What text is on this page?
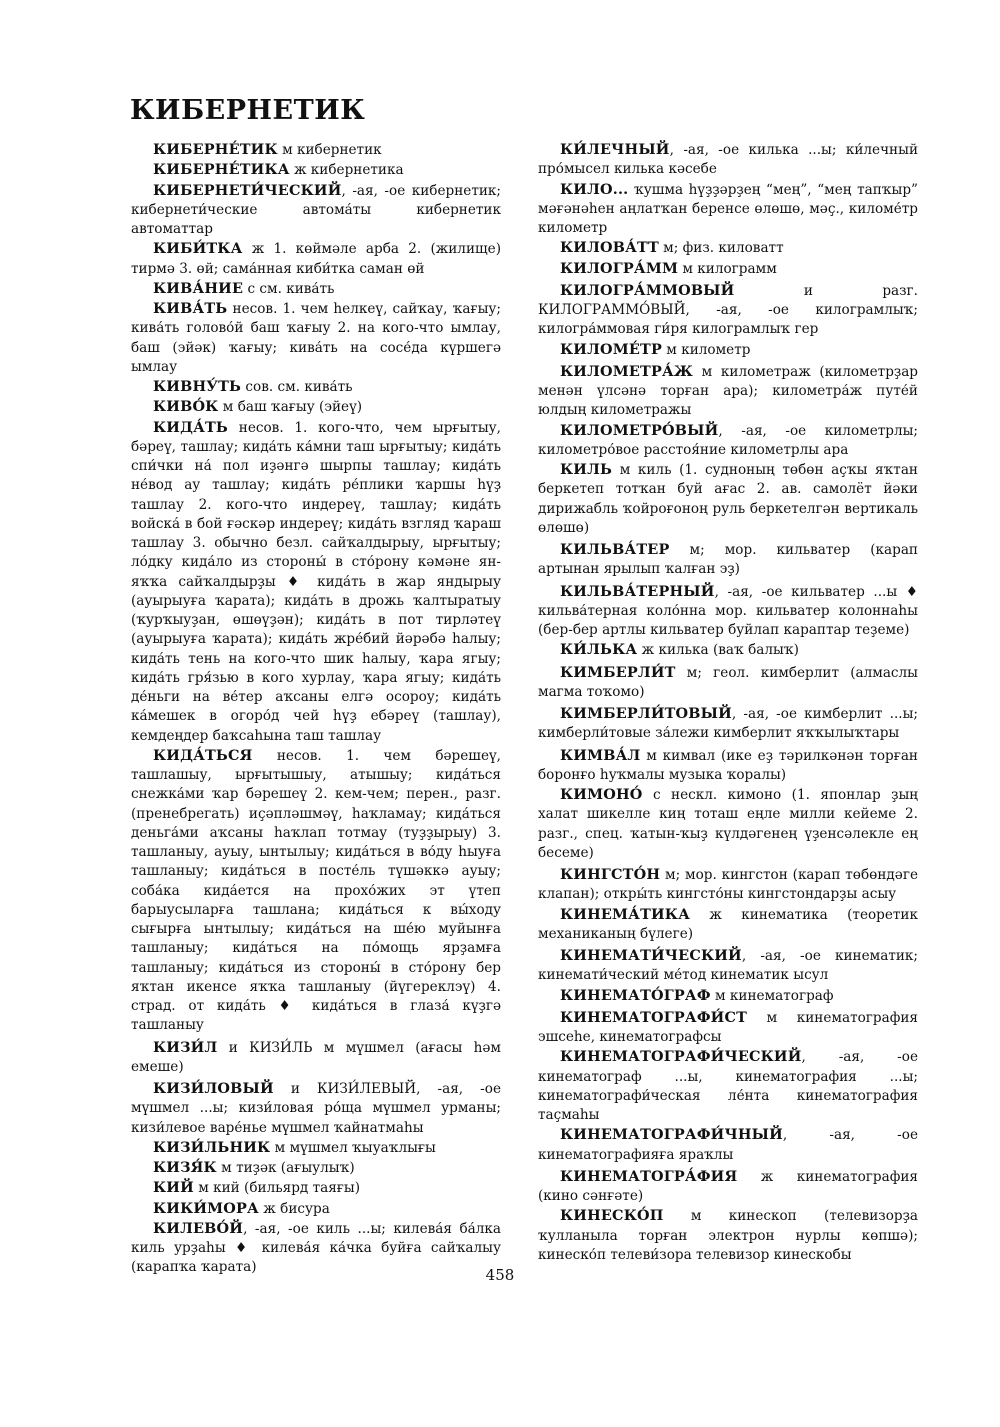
КИБЕРНЕТИК

КИБЕРНЕ́ТИК м кибернетик

КИБЕРНЕ́ТИКА ж кибернетика

КИБЕРНЕТИ́ЧЕСКИЙ, -ая, -ое кибернетик; кибернети́ческие автома́ты кибернетик автоматтар

КИБИ́ТКА ж 1. көймәле арба 2. (жилище) тирмә 3. өй; сама́нная киби́тка саман өй

КИВА́НИЕ с см. кива́ть

КИВА́ТЬ несов. 1. чем һелкеү, сайҡау, ҡағыу; кива́ть голово́й баш ҡағыу 2. на кого-что ымлау, баш (эйәк) ҡағыу; кива́ть на сосе́да күршегә ымлау

КИВНУ́ТЬ сов. см. кива́ть

КИВО́К м баш ҡағыу (эйеү)

КИДА́ТЬ несов. 1. кого-что, чем ырғытыу, бәреү, ташлау; кида́ть ка́мни таш ырғытыу; кида́ть спи́чки на́ пол иҙәнгә шырпы ташлау; кида́ть не́вод ау ташлау; кида́ть ре́плики ҡаршы һүҙ ташлау 2. кого-что индереү, ташлау; кида́ть войска́ в бой ғәскәр индереү; кида́ть взгляд ҡараш ташлау 3. обычно безл. сайҡалдырыу, ырғытыу; ло́дку кида́ло из стороны́ в сто́рону кәмәне ян-яҡҡа сайҡалдырҙы ♦ кида́ть в жар яндырыу (ауырыуға ҡарата); кида́ть в дрожь ҡалтыратыу (ҡурҡыуҙан, өшөүҙән); кида́ть в пот тирләтеү (ауырыуға ҡарата); кида́ть жре́бий йәрәбә һалыу; кида́ть тень на кого-что шик һалыу, ҡара ягыу; кида́ть гря́зью в кого хурлау, ҡара ягыу; кида́ть де́ньги на ве́тер аҡсаны елгә осороу; кида́ть ка́мешек в огоро́д чей һүҙ ебәреү (ташлау), кемдеңдер баҡсаһына таш ташлау

КИДА́ТЬСЯ несов. 1. чем бәрешеү, ташлашыу, ырғытышыу, атышыу; кида́ться снежка́ми ҡар бәрешеү 2. кем-чем; перен., разг. (пренебрегать) иҫәпләшмәү, һаҡламау; кида́ться деньга́ми аҡсаны һаҡлап тотмау (туҙҙырыу) 3. ташланыу, ауыу, ынтылыу; кида́ться в во́ду һыуға ташланыу; кида́ться в посте́ль түшәккә ауыу; соба́ка кида́ется на прохо́жих эт үтеп барыусыларға ташлана; кида́ться к вы́ходу сығырға ынтылыу; кида́ться на ше́ю муйынға ташланыу; кида́ться на по́мощь ярҙамға ташланыу; кида́ться из стороны́ в сто́рону бер яҡтан икенсе яҡҡа ташланыу (йүгереклэү) 4. страд. от кида́ть ♦ кида́ться в глаза́ күҙгә ташланыу

КИЗИ́Л и КИЗИ́ЛЬ м мүшмел (ағасы һәм емеше)

КИЗИ́ЛОВЫЙ и КИЗИ́ЛЕВЫЙ, -ая, -ое мүшмел ...ы; кизи́ловая ро́ща мүшмел урманы; кизи́левое варе́нье мүшмел ҡайнатмаһы

КИЗИ́ЛЬНИК м мүшмел ҡыуаҡлығы

КИЗЯ́К м тиҙәк (ағыулыҡ)

КИЙ м кий (бильярд таяғы)

КИКИ́МОРА ж бисура

КИЛЕВО́Й, -ая, -ое киль ...ы; килева́я ба́лка киль урҙаһы ♦ килева́я ка́чка буйға сайҡалыу (карапҡа ҡарата)

КИ́ЛЕЧНЫЙ, -ая, -ое килька ...ы; ки́лечный про́мысел килька кәсебе

КИЛО... ҡушма һүҙҙәрҙең “мең”, “мең тапҡыр” мәғәнәһен аңлатҡан беренсе өлөшө, мәҫ., киломе́тр километр

КИЛОВА́ТТ м; физ. киловатт

КИЛОГРА́ММ м килограмм

КИЛОГРА́ММОВЫЙ и разг. КИЛОГРАММО́ВЫЙ, -ая, -ое килограмлыҡ; килогра́ммовая ги́ря килограмлыҡ гер

КИЛОМЕ́ТР м километр

КИЛОМЕТРА́Ж м километраж (километрҙар менән үлсәнә торған ара); километра́ж путе́й юлдың километражы

КИЛОМЕТРО́ВЫЙ, -ая, -ое километрлы; километро́вое расстоя́ние километрлы ара

КИЛЬ м киль (1. судноның төбөн аҫҡы яҡтан беркетеп тотҡан буй ағас 2. ав. самолёт йәки дирижабль ҡойроғоноң руль беркетелгән вертикаль өлөшө)

КИЛЬВА́ТЕР м; мор. кильватер (карап артынан ярылып ҡалған эҙ)

КИЛЬВА́ТЕРНЫЙ, -ая, -ое кильватер ...ы ♦ кильва́терная коло́нна мор. кильватер колоннаһы (бер-бер артлы кильватер буйлап караптар теҙеме)

КИ́ЛЬКА ж килька (ваҡ балыҡ)

КИМБЕРЛИ́Т м; геол. кимберлит (алмаслы магма тоҡомо)

КИМБЕРЛИ́ТОВЫЙ, -ая, -ое кимберлит ...ы; кимберли́товые за́лежи кимберлит яҡҡылыҡтары

КИМВА́Л м кимвал (ике еҙ тәрилкәнән торған боронғо һуҡмалы музыка ҡоралы)

КИМОНО́ с нескл. кимоно (1. японлар ҙың халат шикелле киң тоташ еңле милли кейеме 2. разг., спец. ҡатын-ҡыҙ күлдәгенең үҙенсәлекле ең бесеме)

КИНГСТО́Н м; мор. кингстон (карап төбөндәге клапан); откры́ть кингсто́ны кингстондарҙы асыу

КИНЕМА́ТИКА ж кинематика (теоретик механиканың бүлеге)

КИНЕМАТИ́ЧЕСКИЙ, -ая, -ое кинематик; кинемати́ческий ме́тод кинематик ысул

КИНЕМАТО́ГРАФ м кинематограф

КИНЕМАТОГРАФИ́СТ м кинематография эшсеһе, кинематографсы

КИНЕМАТОГРАФИ́ЧЕСКИЙ, -ая, -ое кинематограф ...ы, кинематография ...ы; кинематографи́ческая ле́нта кинематография таҫмаһы

КИНЕМАТОГРАФИ́ЧНЫЙ, -ая, -ое кинематографияға яраҡлы

КИНЕМАТОГРА́ФИЯ ж кинематография (кино сәнғәте)

КИНЕСКО́П м кинескоп (телевизорҙа ҡулланыла торған электрон нурлы көпшә); кинеско́п телеви́зора телевизор кинескобы

458
